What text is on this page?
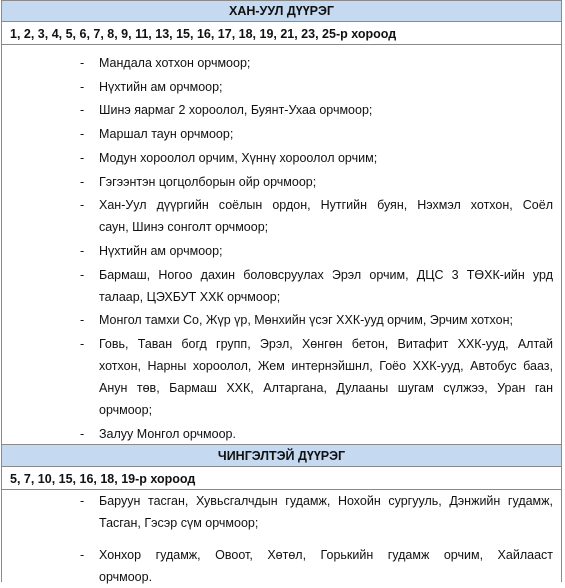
ХАН-УУЛ ДҮҮРЭГ
1, 2, 3, 4, 5, 6, 7, 8, 9, 11, 13, 15, 16, 17, 18, 19, 21, 23, 25-р хороод
- Мандала хотхон орчмоор;
- Нүхтийн ам орчмоор;
- Шинэ яармаг 2 хороолол, Буянт-Ухаа орчмоор;
- Маршал таун орчмоор;
- Модун хороолол орчим, Хүннү хороолол орчим;
- Гэгээнтэн цогцолборын ойр орчмоор;
- Хан-Уул дүүргийн соёлын ордон, Нутгийн буян, Нэхмэл хотхон, Соёл
саун, Шинэ сонголт орчмоор;
- Нүхтийн ам орчмоор;
- Бармаш, Ногоо дахин боловсруулах Эрэл орчим, ДЦС 3 ТӨХК-ийн урд
талаар, ЦЭХБУТ ХХК орчмоор;
- Монгол тамхи Со, Жүр үр, Мөнхийн үсэг ХХК-ууд орчим, Эрчим хотхон;
- Говь, Таван богд групп, Эрэл, Хөнгөн бетон, Витафит ХХК-ууд, Алтай
хотхон, Нарны хороолол, Жем интернэйшнл, Гоёо ХХК-ууд, Автобус бааз,
Анун төв, Бармаш ХХК, Алтаргана, Дулааны шугам сүлжээ, Уран ган
орчмоор;
- Залуу Монгол орчмоор.
ЧИНГЭЛТЭЙ ДҮҮРЭГ
5, 7, 10, 15, 16, 18, 19-р хороод
- Баруун тасган, Хувьсгалчдын гудамж, Нохойн сургууль, Дэнжийн гудамж,
Тасган, Гэсэр сүм орчмоор;
- Хонхор гудамж, Овоот, Хөтөл, Горькийн гудамж орчим, Хайлааст
орчмоор.
